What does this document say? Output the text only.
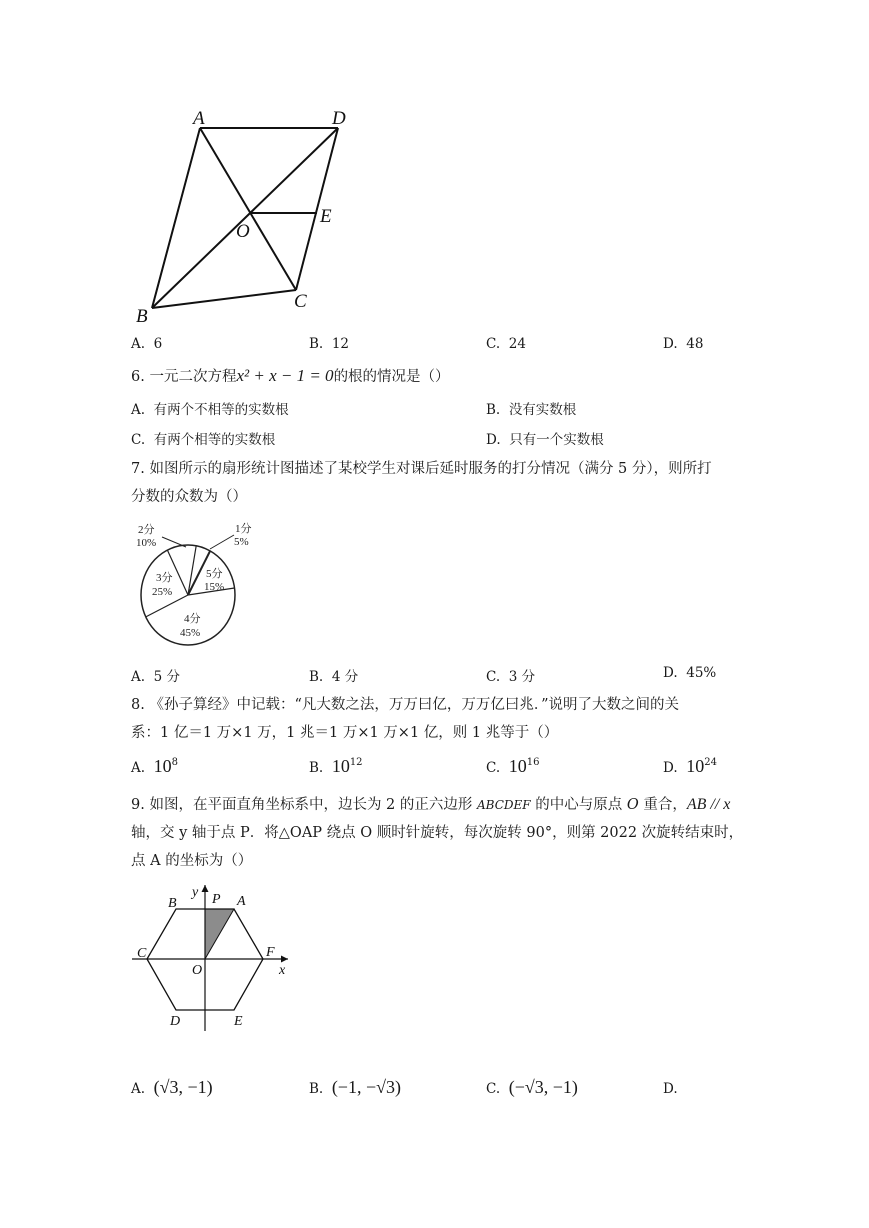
A	D
E
O
C
B
A. 6	B. 12	C. 24	D. 48
6. 一元二次方程x² + x − 1 = 0的根的情况是（）
A. 有两个不相等的实数根	B. 没有实数根
C. 有两个相等的实数根	D. 只有一个实数根
7. 如图所示的扇形统计图描述了某校学生对课后延时服务的打分情况（满分 5 分），则所打
分数的众数为（）
2分
10%
1分
5%
3分
25%
5分
15%
4分
45%
A. 5 分	B. 4 分	C. 3 分	D. 45%
8. 《孙子算经》中记载：“凡大数之法，万万曰亿，万万亿曰兆．”说明了大数之间的关
系：1 亿＝1 万×1 万，1 兆＝1 万×1 万×1 亿，则 1 兆等于（）
A. $10^8$	B. $10^{12}$	C. $10^{16}$	D. $10^{24}$
9. 如图，在平面直角坐标系中，边长为 2 的正六边形 ABCDEF 的中心与原点 O 重合，AB // x
轴，交 y 轴于点 P．将△OAP 绕点 O 顺时针旋转，每次旋转 90°，则第 2022 次旋转结束时，
点 A 的坐标为（）
y P A
B
C	F
O	x
D	E
A. (√3, −1)	B. (−1, −√3)	C. (−√3, −1)	D.
